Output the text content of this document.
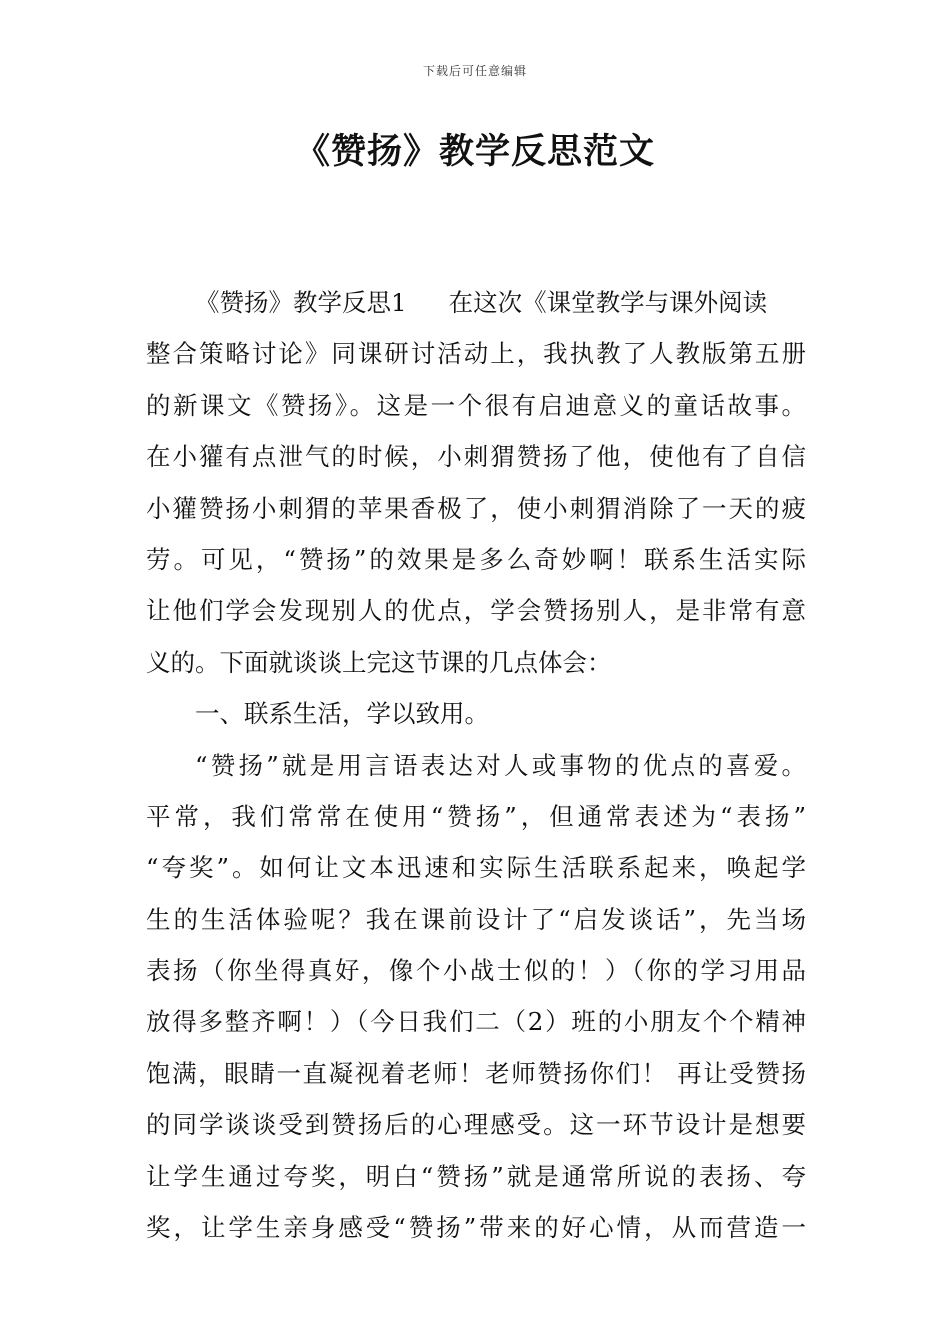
下载后可任意编辑
《赞扬》教学反思范文
《赞扬》教学反思1 在这次《课堂教学与课外阅读
整合策略讨论》同课研讨活动上，我执教了人教版第五册
的新课文《赞扬》。这是一个很有启迪意义的童话故事。
在小獾有点泄气的时候，小刺猬赞扬了他，使他有了自信
小獾赞扬小刺猬的苹果香极了，使小刺猬消除了一天的疲
劳。可见，“赞扬”的效果是多么奇妙啊！联系生活实际
让他们学会发现别人的优点，学会赞扬别人，是非常有意
义的。下面就谈谈上完这节课的几点体会：
一、联系生活，学以致用。
“赞扬”就是用言语表达对人或事物的优点的喜爱。
平常，我们常常在使用“赞扬”，但通常表述为“表扬”
“夸奖”。如何让文本迅速和实际生活联系起来，唤起学
生的生活体验呢？我在课前设计了“启发谈话”，先当场
表扬（你坐得真好，像个小战士似的！）（你的学习用品
放得多整齐啊！）（今日我们二（2）班的小朋友个个精神
饱满，眼睛一直凝视着老师！老师赞扬你们！ 再让受赞扬
的同学谈谈受到赞扬后的心理感受。这一环节设计是想要
让学生通过夸奖，明白“赞扬”就是通常所说的表扬、夸
奖，让学生亲身感受“赞扬”带来的好心情，从而营造一
